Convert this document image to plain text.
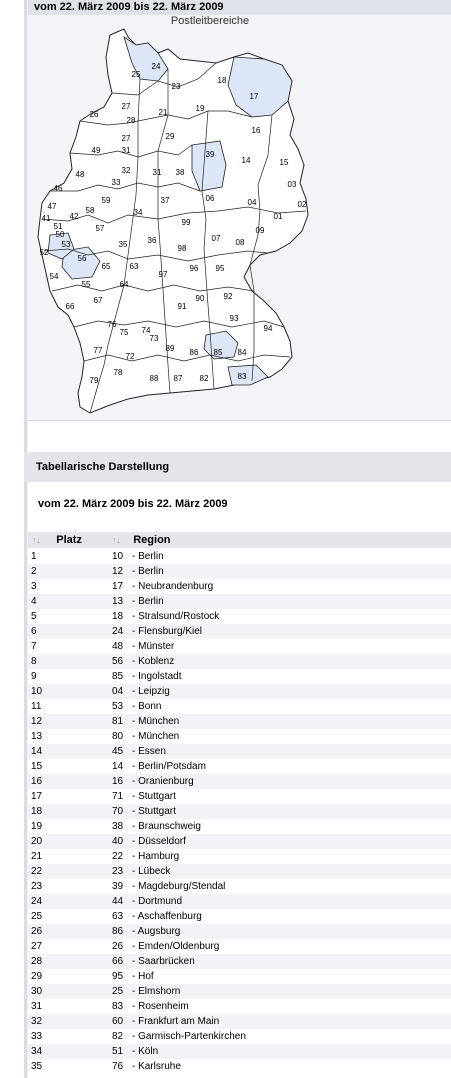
vom 22. März 2009 bis 22. März 2009
Postleitbereiche
24
23
25
18
17
26
27
28
21	19
16
49
27
31
29
39
14	15
48	32
33
31 38
03
46
59	37	06	04	02
47	58	34
99
01
41 42
51
50
57
35	36
98
07
09
08
52
53
56
65 63
97
96 95
54
55	64
67
66
76
74
91
90 92
93
94
75
73
77
72
89 86 85 84
78
88 87 82	83
79
Tabellarische Darstellung
vom 22. März 2009 bis 22. März 2009
↑↓ Platz	↑↓ Region
1	10	- Berlin
2	12	- Berlin
3	17	- Neubrandenburg
4	13	- Berlin
5	18	- Stralsund/Rostock
6	24	- Flensburg/Kiel
7	48	- Münster
8	56	- Koblenz
9	85	- Ingolstadt
10	04	- Leipzig
11	53	- Bonn
12	81	- München
13	80	- München
14	45	- Essen
15	14	- Berlin/Potsdam
16	16	- Oranienburg
17	71	- Stuttgart
18	70	- Stuttgart
19	38	- Braunschweig
20	40	- Düsseldorf
21	22	- Hamburg
22	23	- Lübeck
23	39	- Magdeburg/Stendal
24	44	- Dortmund
25	63	- Aschaffenburg
26	86	- Augsburg
27	26	- Emden/Oldenburg
28	66	- Saarbrücken
29	95	- Hof
30	25	- Elmshorn
31	83	- Rosenheim
32	60	- Frankfurt am Main
33	82	- Garmisch-Partenkirchen
34	51	- Köln
35	76	- Karlsruhe
